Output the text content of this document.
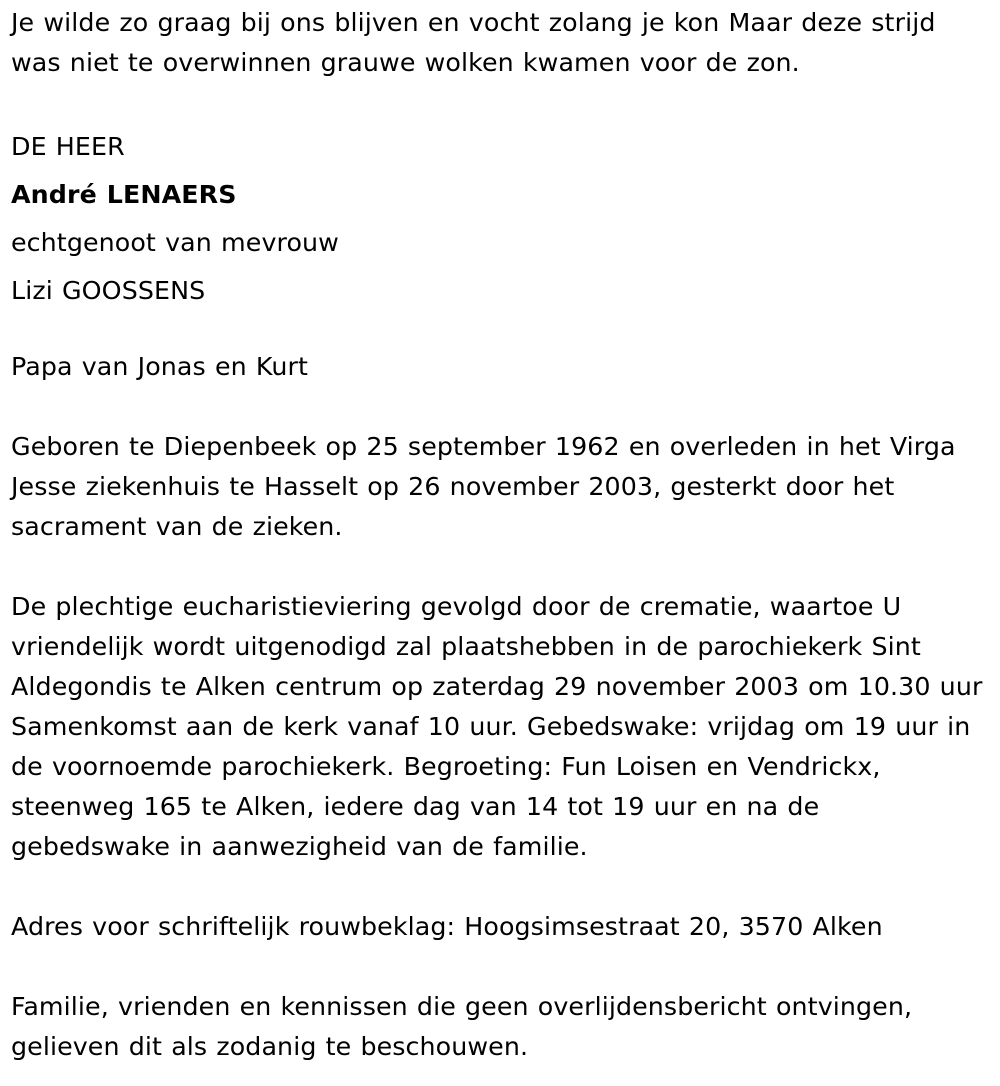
Je wilde zo graag bij ons blijven en vocht zolang je kon Maar deze strijd was niet te overwinnen grauwe wolken kwamen voor de zon.

DE HEER

André LENAERS

echtgenoot van mevrouw

Lizi GOOSSENS

Papa van Jonas en Kurt

Geboren te Diepenbeek op 25 september 1962 en overleden in het Virga Jesse ziekenhuis te Hasselt op 26 november 2003, gesterkt door het sacrament van de zieken.

De plechtige eucharistieviering gevolgd door de crematie, waartoe U vriendelijk wordt uitgenodigd zal plaatshebben in de parochiekerk Sint Aldegondis te Alken centrum op zaterdag 29 november 2003 om 10.30 uur Samenkomst aan de kerk vanaf 10 uur. Gebedswake: vrijdag om 19 uur in de voornoemde parochiekerk. Begroeting: Fun Loisen en Vendrickx, steenweg 165 te Alken, iedere dag van 14 tot 19 uur en na de gebedswake in aanwezigheid van de familie.

Adres voor schriftelijk rouwbeklag: Hoogsimsestraat 20, 3570 Alken

Familie, vrienden en kennissen die geen overlijdensbericht ontvingen, gelieven dit als zodanig te beschouwen.
